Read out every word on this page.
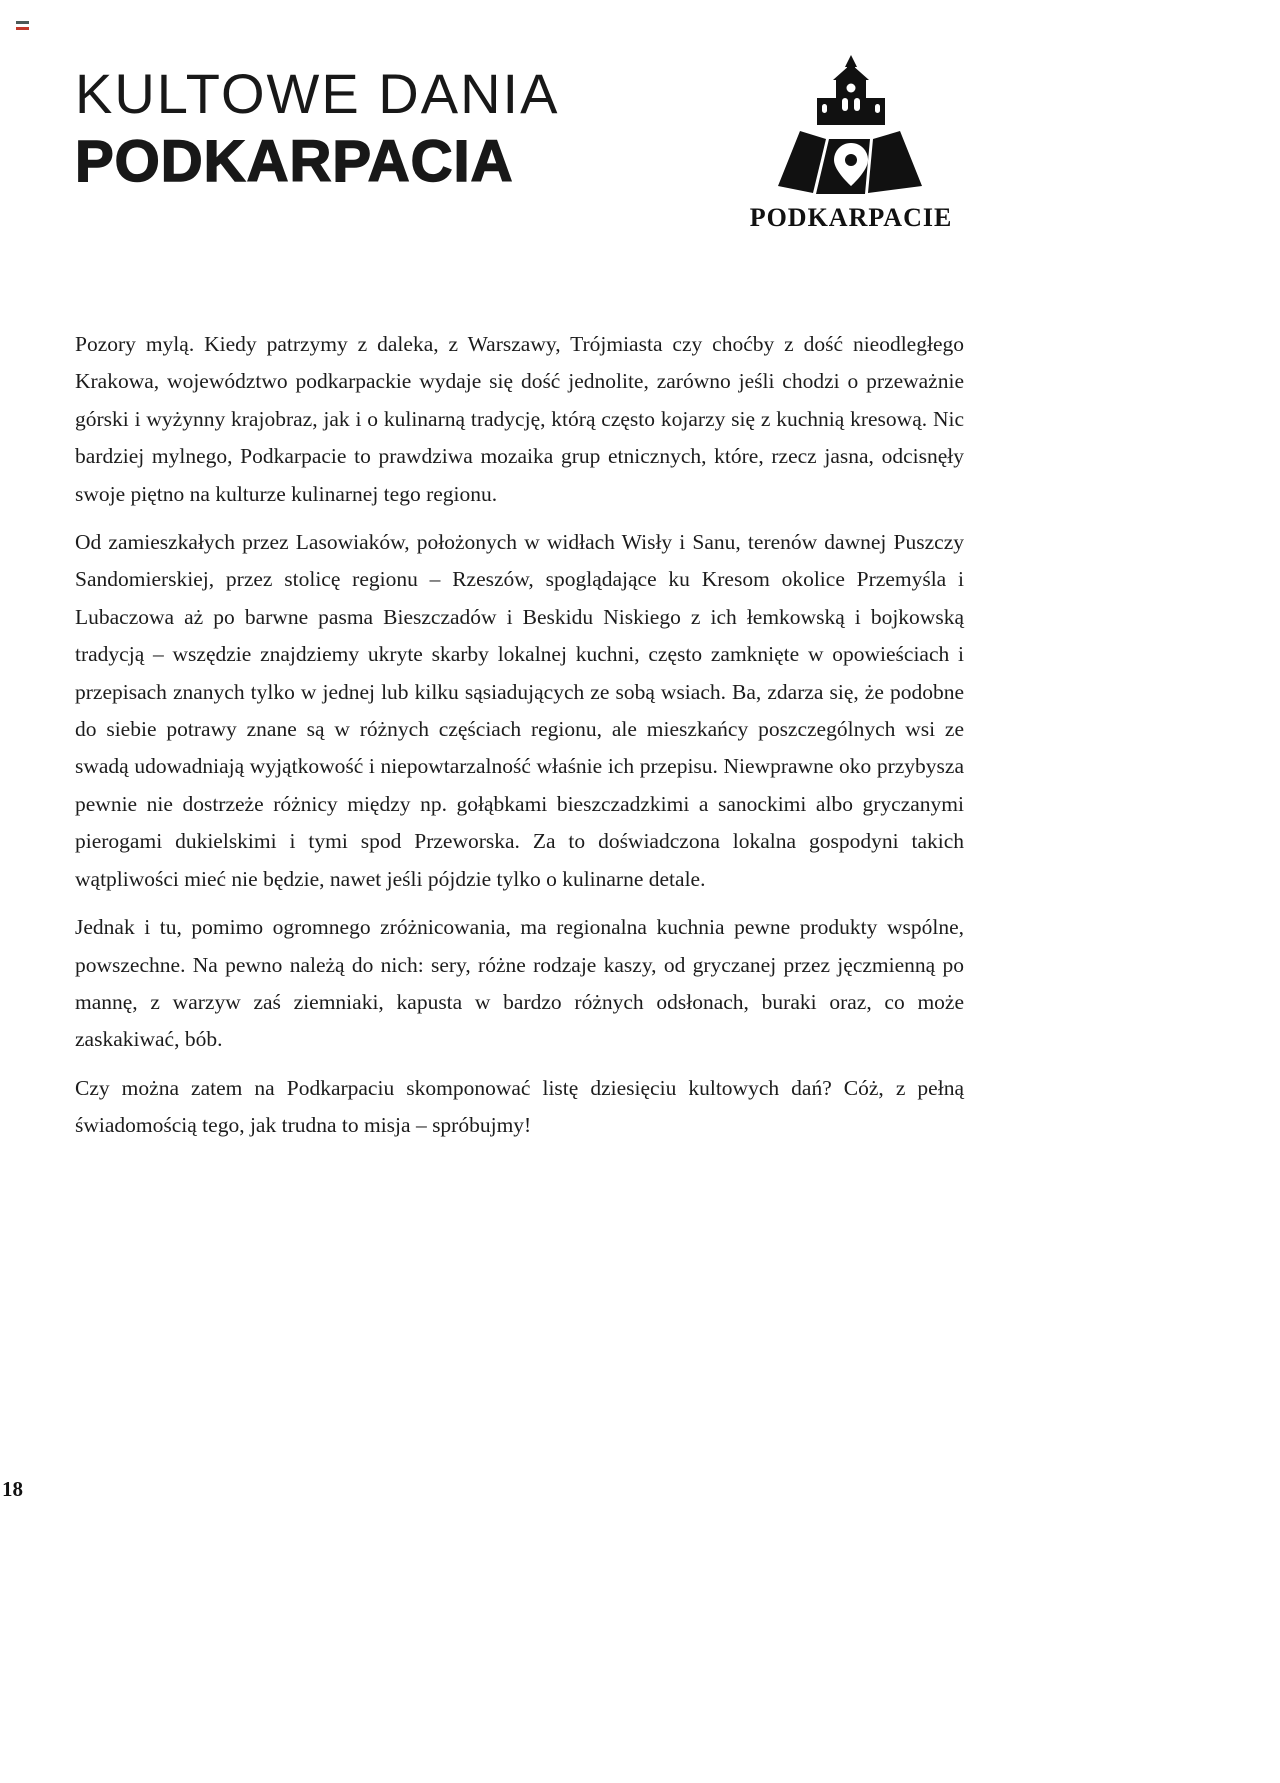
KULTOWE DANIA
PODKARPACIA
PODKARPACIE

Pozory mylą. Kiedy patrzymy z daleka, z Warszawy, Trójmiasta czy choćby z dość nieodległego Krakowa, województwo podkarpackie wydaje się dość jednolite, zarówno jeśli chodzi o przeważnie górski i wyżynny krajobraz, jak i o kulinarną tradycję, którą często kojarzy się z kuchnią kresową. Nic bardziej mylnego, Podkarpacie to prawdziwa mozaika grup etnicznych, które, rzecz jasna, odcisnęły swoje piętno na kulturze kulinarnej tego regionu.

Od zamieszkałych przez Lasowiaków, położonych w widłach Wisły i Sanu, terenów dawnej Puszczy Sandomierskiej, przez stolicę regionu – Rzeszów, spoglądające ku Kresom okolice Przemyśla i Lubaczowa aż po barwne pasma Bieszczadów i Beskidu Niskiego z ich łemkowską i bojkowską tradycją – wszędzie znajdziemy ukryte skarby lokalnej kuchni, często zamknięte w opowieściach i przepisach znanych tylko w jednej lub kilku sąsiadujących ze sobą wsiach. Ba, zdarza się, że podobne do siebie potrawy znane są w różnych częściach regionu, ale mieszkańcy poszczególnych wsi ze swadą udowadniają wyjątkowość i niepowtarzalność właśnie ich przepisu. Niewprawne oko przybysza pewnie nie dostrzeże różnicy między np. gołąbkami bieszczadzkimi a sanockimi albo gryczanymi pierogami dukielskimi i tymi spod Przeworska. Za to doświadczona lokalna gospodyni takich wątpliwości mieć nie będzie, nawet jeśli pójdzie tylko o kulinarne detale.

Jednak i tu, pomimo ogromnego zróżnicowania, ma regionalna kuchnia pewne produkty wspólne, powszechne. Na pewno należą do nich: sery, różne rodzaje kaszy, od gryczanej przez jęczmienną po mannę, z warzyw zaś ziemniaki, kapusta w bardzo różnych odsłonach, buraki oraz, co może zaskakiwać, bób.

Czy można zatem na Podkarpaciu skomponować listę dziesięciu kultowych dań? Cóż, z pełną świadomością tego, jak trudna to misja – spróbujmy!

18
